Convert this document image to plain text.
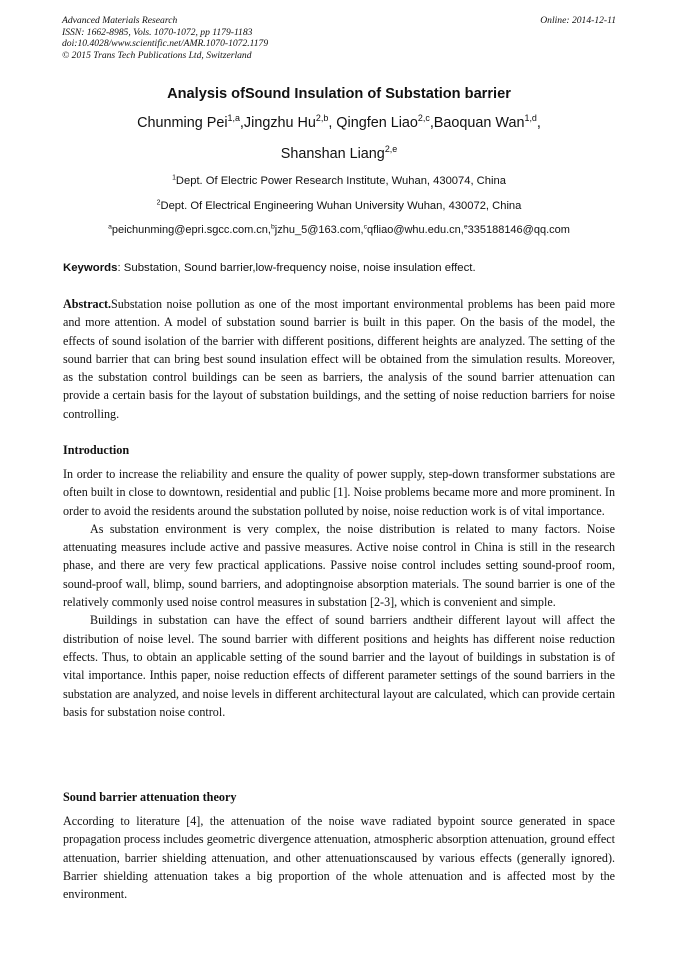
Advanced Materials Research
ISSN: 1662-8985, Vols. 1070-1072, pp 1179-1183
doi:10.4028/www.scientific.net/AMR.1070-1072.1179
© 2015 Trans Tech Publications Ltd, Switzerland
Online: 2014-12-11
Analysis ofSound Insulation of Substation barrier
Chunming Pei$^{1,a}$,Jingzhu Hu$^{2,b}$, Qingfen Liao$^{2,c}$,Baoquan Wan$^{1,d}$,
Shanshan Liang$^{2,e}$
$^1$Dept. Of Electric Power Research Institute, Wuhan, 430074, China
$^2$Dept. Of Electrical Engineering Wuhan University Wuhan, 430072, China
$^a$peichunming@epri.sgcc.com.cn,$^b$jzhu_5@163.com,$^c$qfliao@whu.edu.cn,$^e$335188146@qq.com
Keywords: Substation, Sound barrier,low-frequency noise, noise insulation effect.

Abstract.Substation noise pollution as one of the most important environmental problems has been paid more and more attention. A model of substation sound barrier is built in this paper. On the basis of the model, the effects of sound isolation of the barrier with different positions, different heights are analyzed. The setting of the sound barrier that can bring best sound insulation effect will be obtained from the simulation results. Moreover, as the substation control buildings can be seen as barriers, the analysis of the sound barrier attenuation can provide a certain basis for the layout of substation buildings, and the setting of noise reduction barriers for noise controlling.

Introduction

In order to increase the reliability and ensure the quality of power supply, step-down transformer substations are often built in close to downtown, residential and public [1]. Noise problems became more and more prominent. In order to avoid the residents around the substation polluted by noise, noise reduction work is of vital importance.

As substation environment is very complex, the noise distribution is related to many factors. Noise attenuating measures include active and passive measures. Active noise control in China is still in the research phase, and there are very few practical applications. Passive noise control includes setting sound-proof room, sound-proof wall, blimp, sound barriers, and adoptingnoise absorption materials. The sound barrier is one of the relatively commonly used noise control measures in substation [2-3], which is convenient and simple.

Buildings in substation can have the effect of sound barriers andtheir different layout will affect the distribution of noise level. The sound barrier with different positions and heights has different noise reduction effects. Thus, to obtain an applicable setting of the sound barrier and the layout of buildings in substation is of vital importance. Inthis paper, noise reduction effects of different parameter settings of the sound barriers in the substation are analyzed, and noise levels in different architectural layout are calculated, which can provide certain basis for substation noise control.

Sound barrier attenuation theory

According to literature [4], the attenuation of the noise wave radiated bypoint source generated in space propagation process includes geometric divergence attenuation, atmospheric absorption attenuation, ground effect attenuation, barrier shielding attenuation, and other attenuationscaused by various effects (generally ignored). Barrier shielding attenuation takes a big proportion of the whole attenuation and is affected most by the environment.
